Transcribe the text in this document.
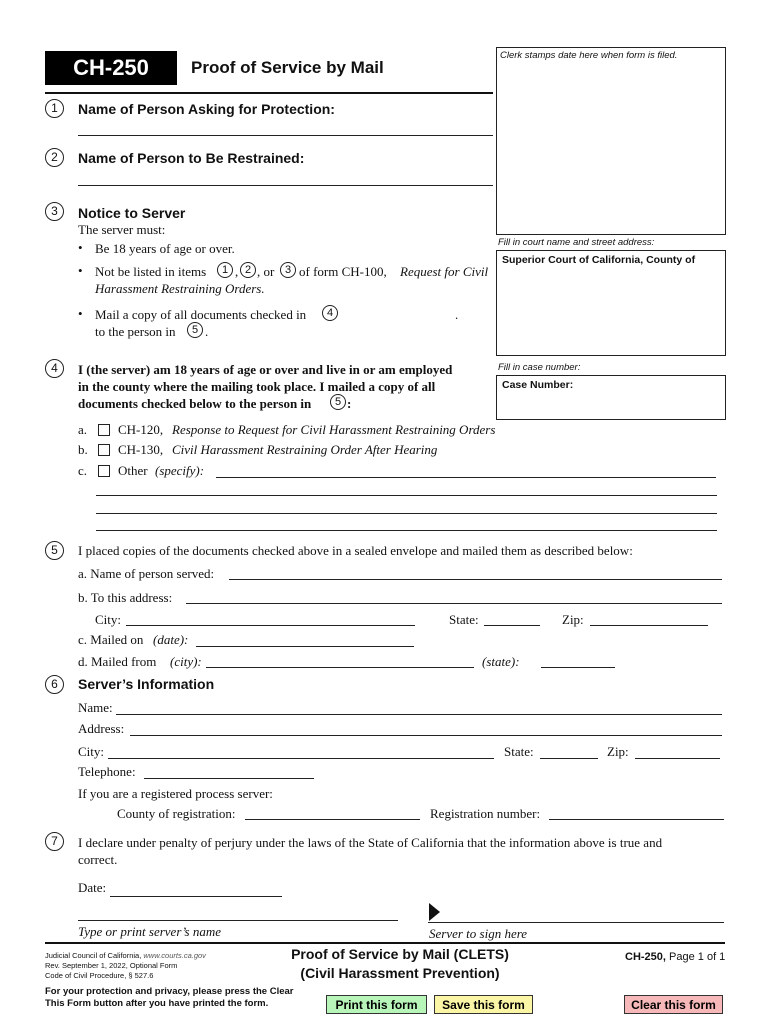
CH-250	Proof of Service by Mail
Clerk stamps date here when form is filed.
Fill in court name and street address:
Superior Court of California, County of
Fill in case number:
Case Number:
1	Name of Person Asking for Protection:
2	Name of Person to Be Restrained:
3	Notice to Server
The server must:
• Be 18 years of age or over.
• Not be listed in items	1 , 2 , or 3 of form CH-100, Request for Civil
Harassment Restraining Orders.
• Mail a copy of all documents checked in	4	.
to the person in	5 .
4	I (the server) am 18 years of age or over and live in or am employed
in the county where the mailing took place. I mailed a copy of all
documents checked below to the person in	5 :
a. CH-120, Response to Request for Civil Harassment Restraining Orders
b. CH-130, Civil Harassment Restraining Order After Hearing
c. Other (specify):
5	I placed copies of the documents checked above in a sealed envelope and mailed them as described below:
a. Name of person served:
b. To this address:
City:	State:	Zip:
c. Mailed on (date):
d. Mailed from (city):	(state):
6	Server’s Information
Name:
Address:
City:	State:	Zip:
Telephone:
If you are a registered process server:
County of registration:	Registration number:
7	I declare under penalty of perjury under the laws of the State of California that the information above is true and
correct.
Date:
Type or print server’s name	Server to sign here
Judicial Council of California, www.courts.ca.gov
Rev. September 1, 2022, Optional Form
Code of Civil Procedure, § 527.6
Proof of Service by Mail (CLETS)
(Civil Harassment Prevention)
CH-250, Page 1 of 1
For your protection and privacy, please press the Clear
This Form button after you have printed the form.	Print this form	Save this form	Clear this form
